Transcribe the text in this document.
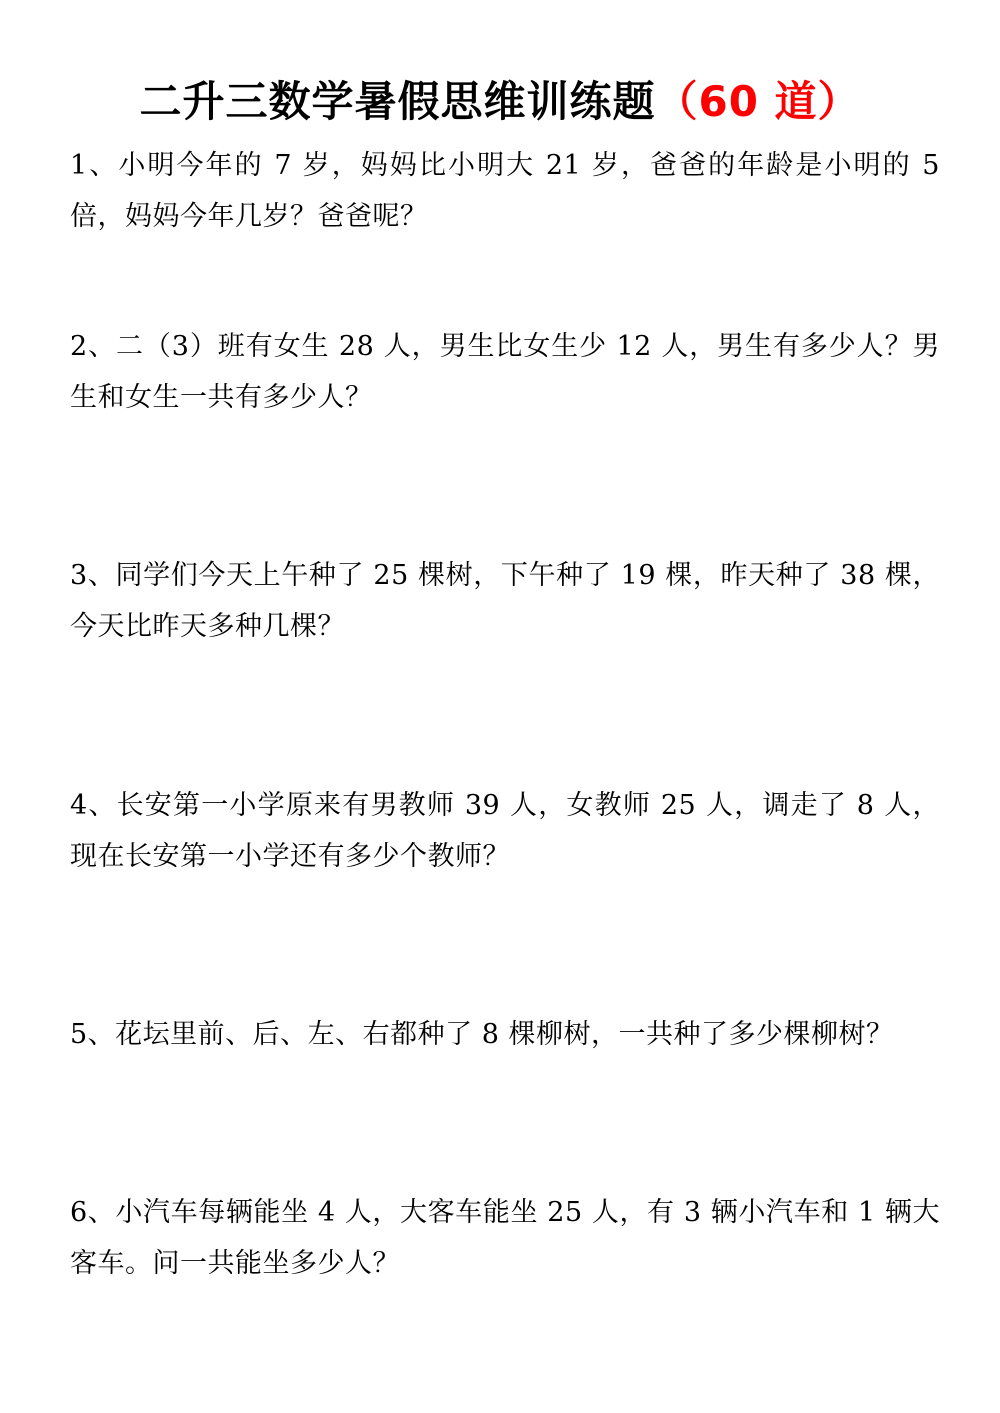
二升三数学暑假思维训练题（60 道）

1、小明今年的 7 岁，妈妈比小明大 21 岁，爸爸的年龄是小明的 5 倍，妈妈今年几岁？爸爸呢？

2、二（3）班有女生 28 人，男生比女生少 12 人，男生有多少人？男生和女生一共有多少人？

3、同学们今天上午种了 25 棵树，下午种了 19 棵，昨天种了 38 棵，今天比昨天多种几棵？

4、长安第一小学原来有男教师 39 人，女教师 25 人，调走了 8 人，现在长安第一小学还有多少个教师？

5、花坛里前、后、左、右都种了 8 棵柳树，一共种了多少棵柳树？

6、小汽车每辆能坐 4 人，大客车能坐 25 人，有 3 辆小汽车和 1 辆大客车。问一共能坐多少人？
